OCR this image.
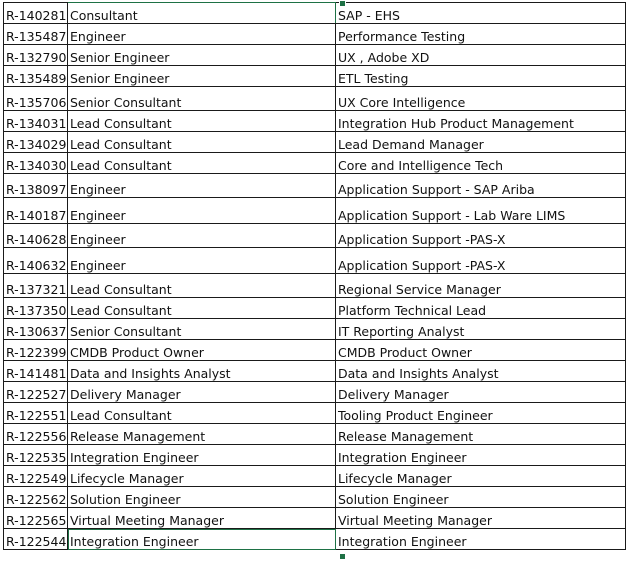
R-140281	Consultant	SAP - EHS
R-135487	Engineer	Performance Testing
R-132790	Senior Engineer	UX , Adobe XD
R-135489	Senior Engineer	ETL Testing
R-135706	Senior Consultant	UX Core Intelligence
R-134031	Lead Consultant	Integration Hub Product Management
R-134029	Lead Consultant	Lead Demand Manager
R-134030	Lead Consultant	Core and Intelligence Tech
R-138097	Engineer	Application Support - SAP Ariba
R-140187	Engineer	Application Support - Lab Ware LIMS
R-140628	Engineer	Application Support -PAS-X
R-140632	Engineer	Application Support -PAS-X
R-137321	Lead Consultant	Regional Service Manager
R-137350	Lead Consultant	Platform Technical Lead
R-130637	Senior Consultant	IT Reporting Analyst
R-122399	CMDB Product Owner	CMDB Product Owner
R-141481	Data and Insights Analyst	Data and Insights Analyst
R-122527	Delivery Manager	Delivery Manager
R-122551	Lead Consultant	Tooling Product Engineer
R-122556	Release Management	Release Management
R-122535	Integration Engineer	Integration Engineer
R-122549	Lifecycle Manager	Lifecycle Manager
R-122562	Solution Engineer	Solution Engineer
R-122565	Virtual Meeting Manager	Virtual Meeting Manager
R-122544	Integration Engineer	Integration Engineer
